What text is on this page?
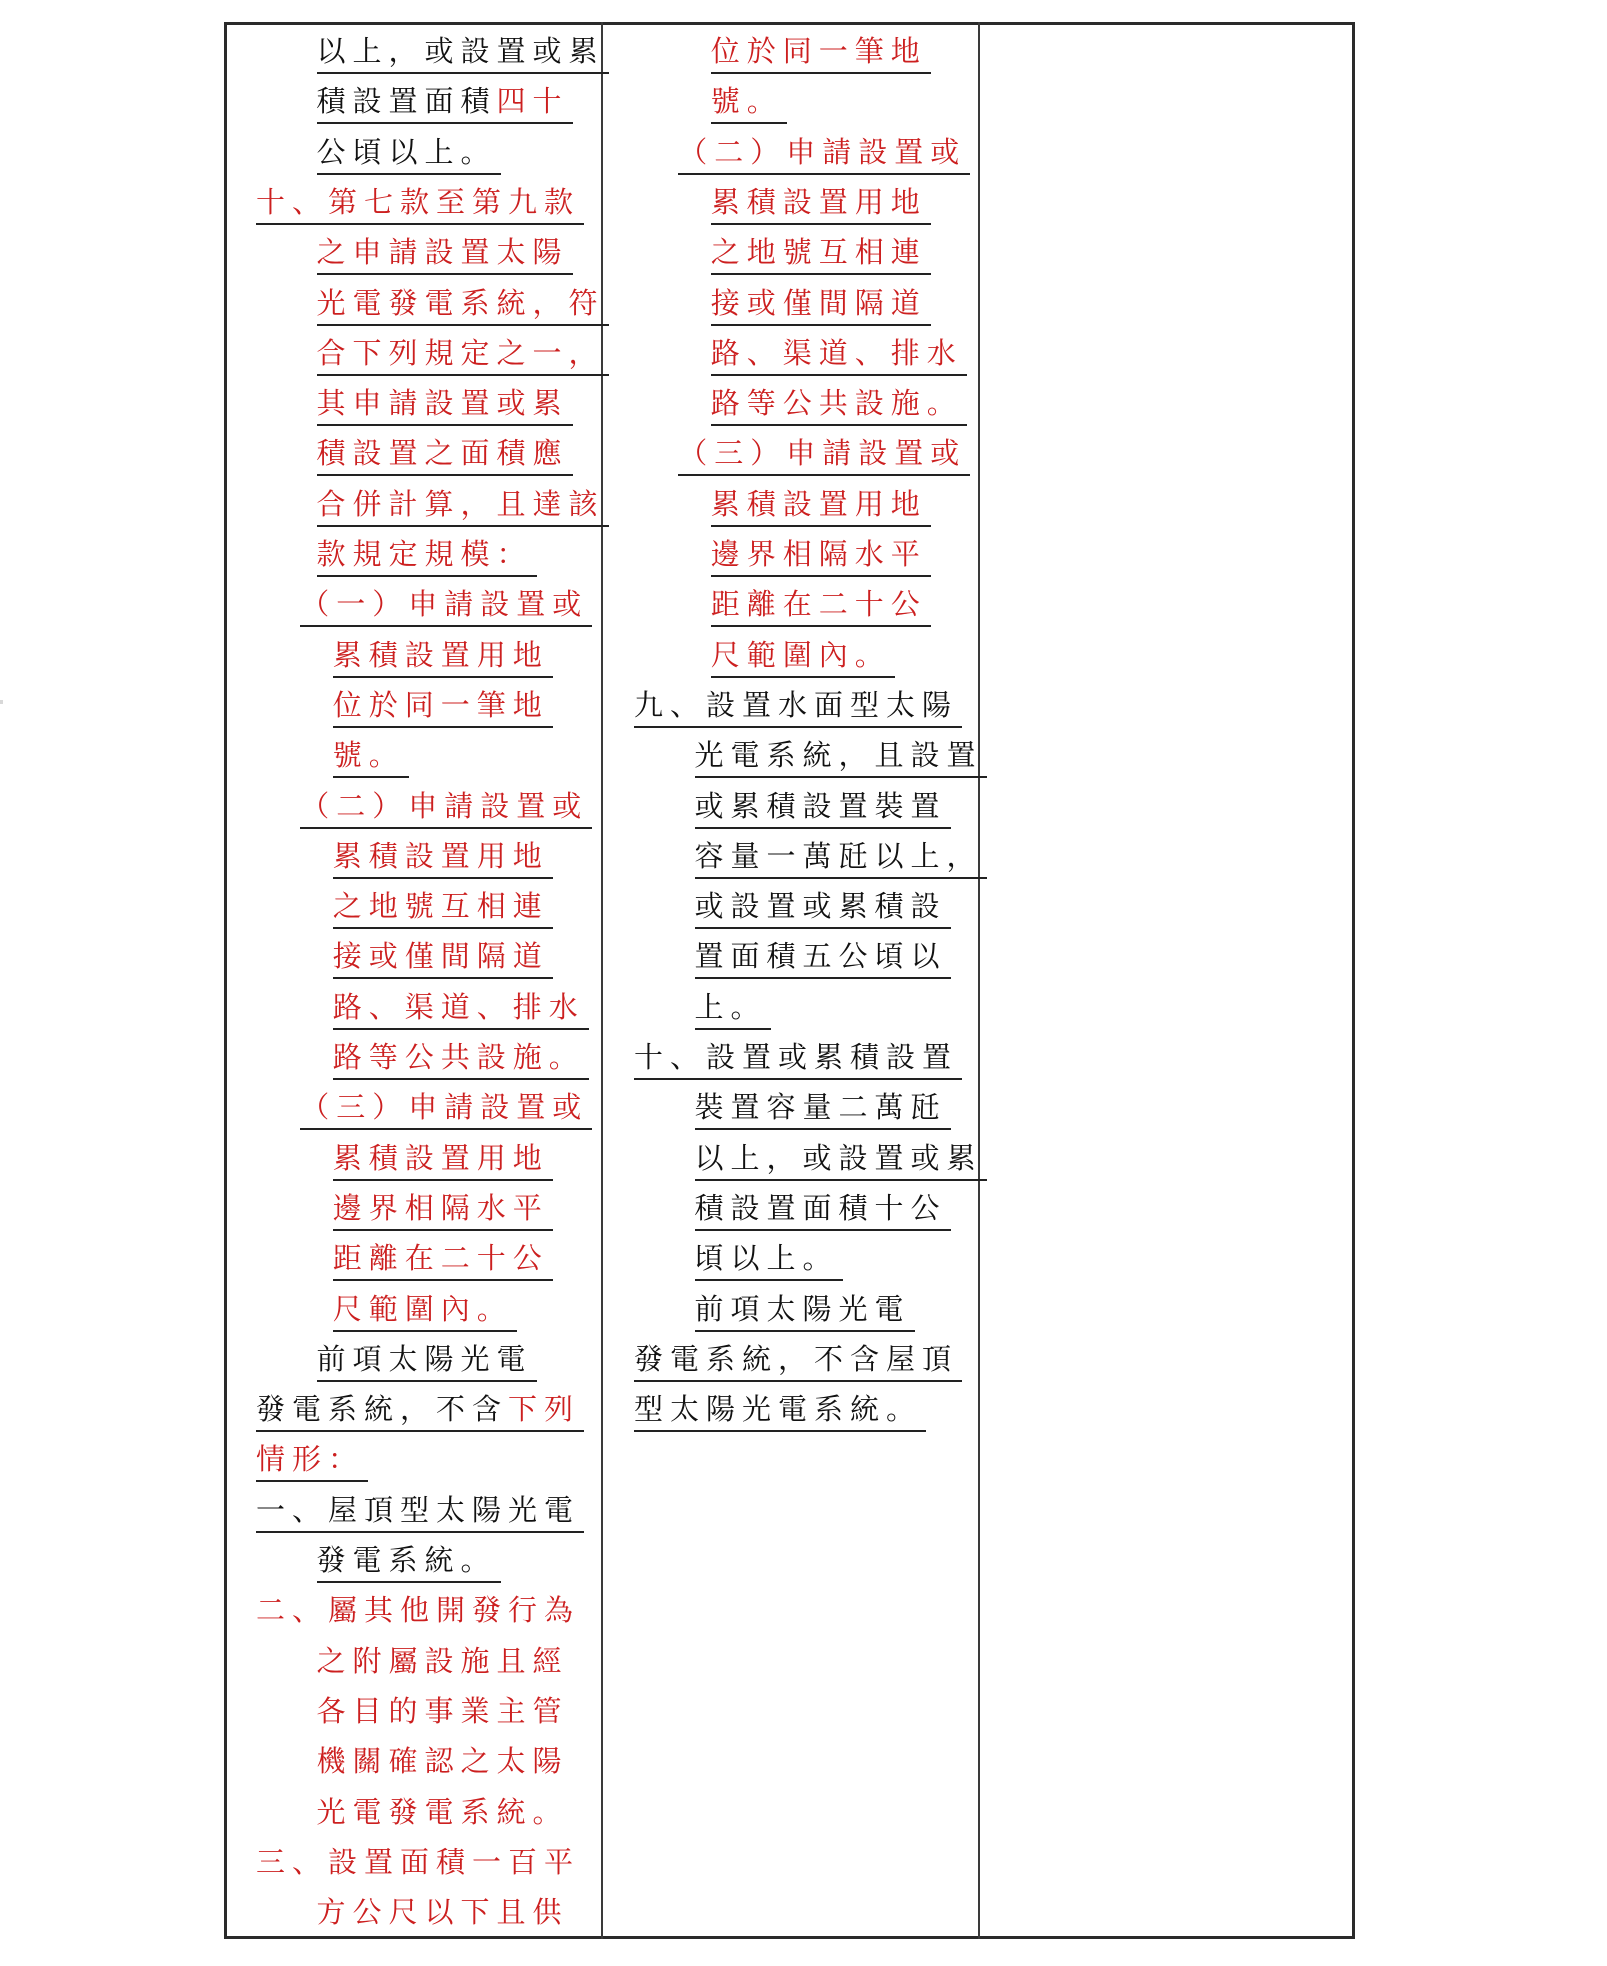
以上，或設置或累
積設置面積四十
公頃以上。
十、第七款至第九款
之申請設置太陽
光電發電系統，符
合下列規定之一，
其申請設置或累
積設置之面積應
合併計算，且達該
款規定規模：
（一）申請設置或
累積設置用地
位於同一筆地
號。
（二）申請設置或
累積設置用地
之地號互相連
接或僅間隔道
路、渠道、排水
路等公共設施。
（三）申請設置或
累積設置用地
邊界相隔水平
距離在二十公
尺範圍內。
前項太陽光電
發電系統，不含下列
情形：
一、屋頂型太陽光電
發電系統。
二、屬其他開發行為
之附屬設施且經
各目的事業主管
機關確認之太陽
光電發電系統。
三、設置面積一百平
方公尺以下且供
位於同一筆地
號。
（二）申請設置或
累積設置用地
之地號互相連
接或僅間隔道
路、渠道、排水
路等公共設施。
（三）申請設置或
累積設置用地
邊界相隔水平
距離在二十公
尺範圍內。
九、設置水面型太陽
光電系統，且設置
或累積設置裝置
容量一萬瓩以上，
或設置或累積設
置面積五公頃以
上。
十、設置或累積設置
裝置容量二萬瓩
以上，或設置或累
積設置面積十公
頃以上。
前項太陽光電
發電系統，不含屋頂
型太陽光電系統。
